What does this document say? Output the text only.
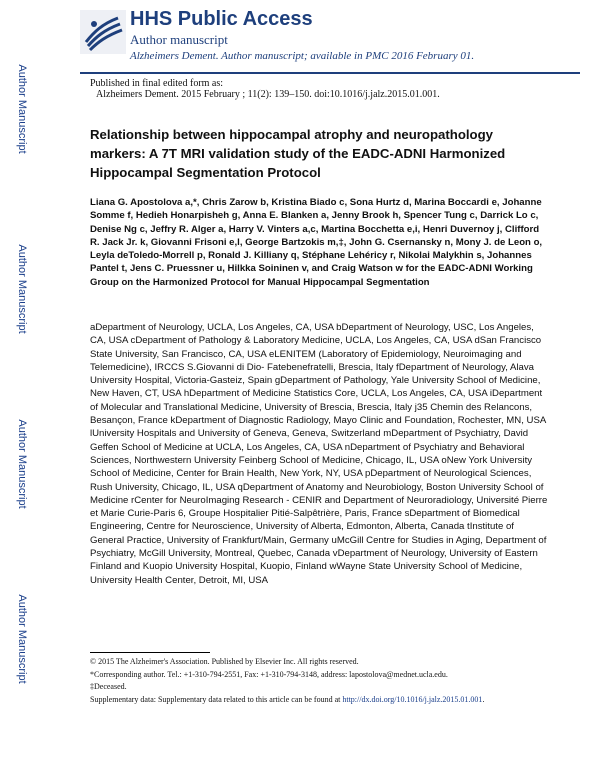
Author Manuscript
Author Manuscript
Author Manuscript
Author Manuscript
HHS Public Access
Author manuscript
Alzheimers Dement. Author manuscript; available in PMC 2016 February 01.
Published in final edited form as:
Alzheimers Dement. 2015 February ; 11(2): 139–150. doi:10.1016/j.jalz.2015.01.001.
Relationship between hippocampal atrophy and neuropathology markers: A 7T MRI validation study of the EADC-ADNI Harmonized Hippocampal Segmentation Protocol
Liana G. Apostolova a,*, Chris Zarow b, Kristina Biado c, Sona Hurtz d, Marina Boccardi e, Johanne Somme f, Hedieh Honarpisheh g, Anna E. Blanken a, Jenny Brook h, Spencer Tung c, Darrick Lo c, Denise Ng c, Jeffry R. Alger a, Harry V. Vinters a,c, Martina Bocchetta e,i, Henri Duvernoy j, Clifford R. Jack Jr. k, Giovanni Frisoni e,l, George Bartzokis m,‡, John G. Csernansky n, Mony J. de Leon o, Leyla deToledo-Morrell p, Ronald J. Killiany q, Stéphane Lehéricy r, Nikolai Malykhin s, Johannes Pantel t, Jens C. Pruessner u, Hilkka Soininen v, and Craig Watson w for the EADC-ADNI Working Group on the Harmonized Protocol for Manual Hippocampal Segmentation
aDepartment of Neurology, UCLA, Los Angeles, CA, USA bDepartment of Neurology, USC, Los Angeles, CA, USA cDepartment of Pathology & Laboratory Medicine, UCLA, Los Angeles, CA, USA dSan Francisco State University, San Francisco, CA, USA eLENITEM (Laboratory of Epidemiology, Neuroimaging and Telemedicine), IRCCS S.Giovanni di Dio- Fatebenefratelli, Brescia, Italy fDepartment of Neurology, Alava University Hospital, Victoria-Gasteiz, Spain gDepartment of Pathology, Yale University School of Medicine, New Haven, CT, USA hDepartment of Medicine Statistics Core, UCLA, Los Angeles, CA, USA iDepartment of Molecular and Translational Medicine, University of Brescia, Brescia, Italy j35 Chemin des Relancons, Besançon, France kDepartment of Diagnostic Radiology, Mayo Clinic and Foundation, Rochester, MN, USA lUniversity Hospitals and University of Geneva, Geneva, Switzerland mDepartment of Psychiatry, David Geffen School of Medicine at UCLA, Los Angeles, CA, USA nDepartment of Psychiatry and Behavioral Sciences, Northwestern University Feinberg School of Medicine, Chicago, IL, USA oNew York University School of Medicine, Center for Brain Health, New York, NY, USA pDepartment of Neurological Sciences, Rush University, Chicago, IL, USA qDepartment of Anatomy and Neurobiology, Boston University School of Medicine rCenter for NeuroImaging Research - CENIR and Department of Neuroradiology, Université Pierre et Marie Curie-Paris 6, Groupe Hospitalier Pitié-Salpêtrière, Paris, France sDepartment of Biomedical Engineering, Centre for Neuroscience, University of Alberta, Edmonton, Alberta, Canada tInstitute of General Practice, University of Frankfurt/Main, Germany uMcGill Centre for Studies in Aging, Department of Psychiatry, McGill University, Montreal, Quebec, Canada vDepartment of Neurology, University of Eastern Finland and Kuopio University Hospital, Kuopio, Finland wWayne State University School of Medicine, University Health Center, Detroit, MI, USA
© 2015 The Alzheimer's Association. Published by Elsevier Inc. All rights reserved.
*Corresponding author. Tel.: +1-310-794-2551, Fax: +1-310-794-3148, address: lapostolova@mednet.ucla.edu.
‡Deceased.
Supplementary data: Supplementary data related to this article can be found at http://dx.doi.org/10.1016/j.jalz.2015.01.001.
